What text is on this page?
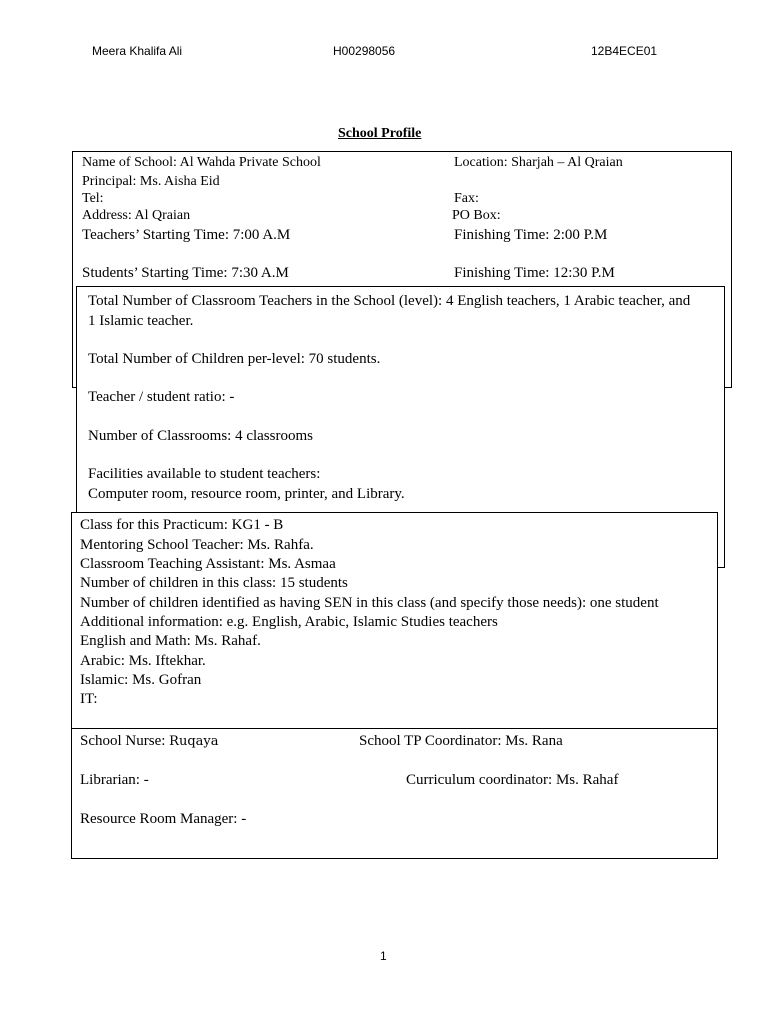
Meera Khalifa Ali	H00298056	12B4ECE01
School Profile
Name of School: Al Wahda Private School	Location: Sharjah – Al Qraian
Principal: Ms. Aisha Eid
Tel:	Fax:
Address: Al Qraian	PO Box:
Teachers’ Starting Time: 7:00 A.M	Finishing Time: 2:00 P.M
Students’ Starting Time: 7:30 A.M	Finishing Time: 12:30 P.M
Total Number of Classroom Teachers in the School (level): 4 English teachers, 1 Arabic teacher, and
1 Islamic teacher.
Total Number of Children per-level: 70 students.
Teacher / student ratio: -
Number of Classrooms: 4 classrooms
Facilities available to student teachers:
Computer room, resource room, printer, and Library.
Class for this Practicum: KG1 - B
Mentoring School Teacher: Ms. Rahfa.
Classroom Teaching Assistant: Ms. Asmaa
Number of children in this class: 15 students
Number of children identified as having SEN in this class (and specify those needs): one student
Additional information: e.g. English, Arabic, Islamic Studies teachers
English and Math: Ms. Rahaf.
Arabic: Ms. Iftekhar.
Islamic: Ms. Gofran
IT:
School Nurse: Ruqaya	School TP Coordinator: Ms. Rana
Librarian: -	Curriculum coordinator: Ms. Rahaf
Resource Room Manager: -
1
